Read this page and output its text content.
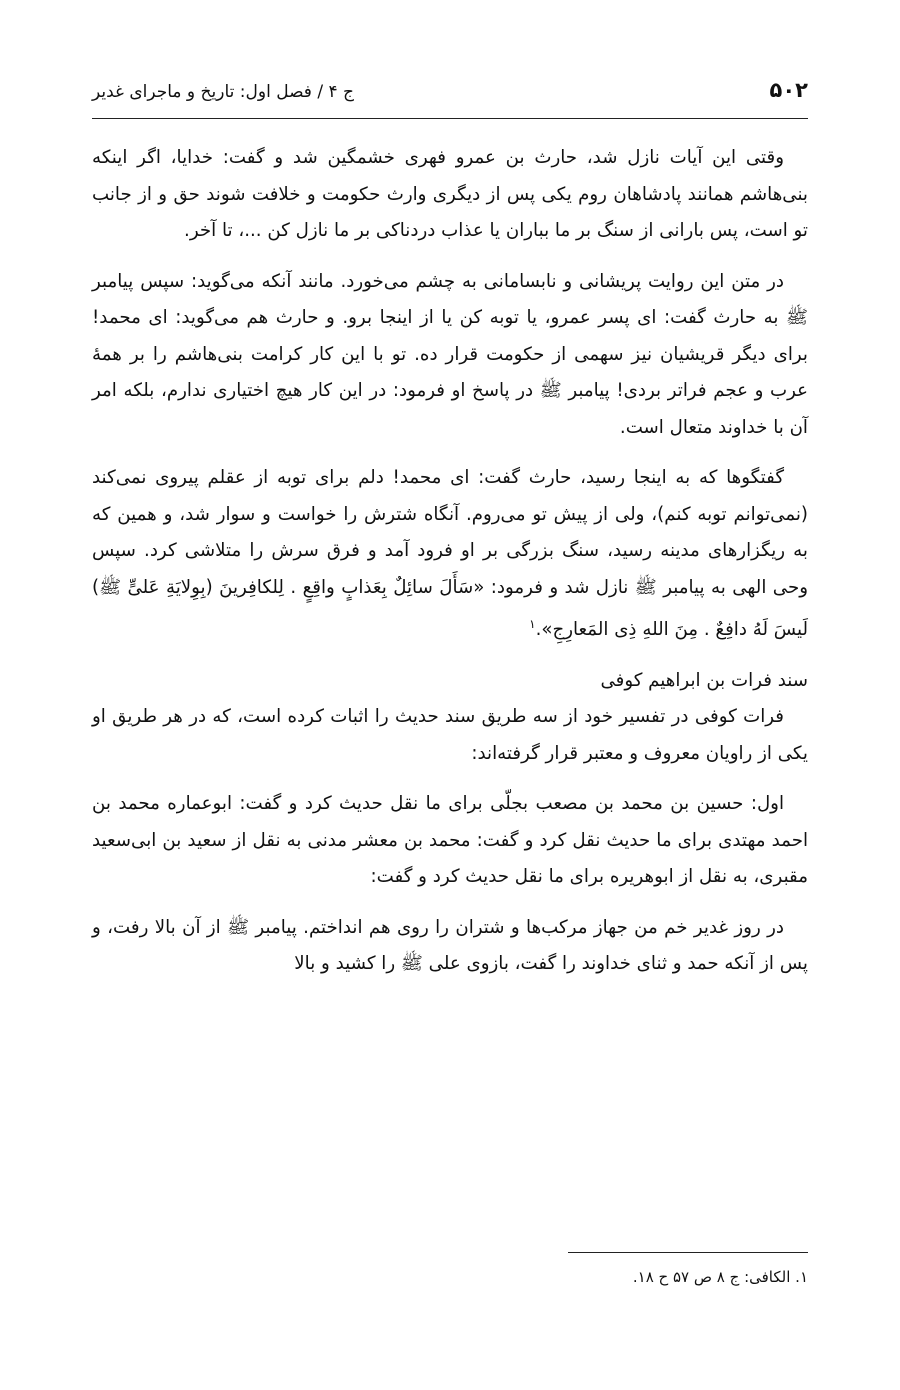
۵۰۲
ج ۴ / فصل اول: تاریخ و ماجرای غدیر

وقتی این آیات نازل شد، حارث بن عمرو فهری خشمگین شد و گفت: خدایا، اگر اینکه بنی‌هاشم همانند پادشاهان روم یکی پس از دیگری وارث حکومت و خلافت شوند حق و از جانب تو است، پس بارانی از سنگ بر ما بباران یا عذاب دردناکی بر ما نازل کن ...، تا آخر.

در متن این روایت پریشانی و نابسامانی به چشم می‌خورد. مانند آنکه می‌گوید: سپس پیامبر ﷺ به حارث گفت: ای پسر عمرو، یا توبه کن یا از اینجا برو. و حارث هم می‌گوید: ای محمد! برای دیگر قریشیان نیز سهمی از حکومت قرار ده. تو با این کار کرامت بنی‌هاشم را بر همهٔ عرب و عجم فراتر بردی! پیامبر ﷺ در پاسخ او فرمود: در این کار هیچ اختیاری ندارم، بلکه امر آن با خداوند متعال است.

گفتگوها که به اینجا رسید، حارث گفت: ای محمد! دلم برای توبه از عقلم پیروی نمی‌کند (نمی‌توانم توبه کنم)، ولی از پیش تو می‌روم. آنگاه شترش را خواست و سوار شد، و همین که به ریگزارهای مدینه رسید، سنگ بزرگی بر او فرود آمد و فرق سرش را متلاشی کرد. سپس وحی الهی به پیامبر ﷺ نازل شد و فرمود: «سَأَلَ سائِلٌ بِعَذابٍ واقِعٍ . لِلکافِرینَ (بِوِلایَةِ عَلیٍّ ﷺ) لَیسَ لَهُ دافِعٌ . مِنَ اللهِ ذِی المَعارِجِ».$^۱$

سند فرات بن ابراهیم کوفی

فرات کوفی در تفسیر خود از سه طریق سند حدیث را اثبات کرده است، که در هر طریق او یکی از راویان معروف و معتبر قرار گرفته‌اند:

اول: حسین بن محمد بن مصعب بجلّی برای ما نقل حدیث کرد و گفت: ابوعماره محمد بن احمد مهتدی برای ما حدیث نقل کرد و گفت: محمد بن معشر مدنی به نقل از سعید بن ابی‌سعید مقبری، به نقل از ابوهریره برای ما نقل حدیث کرد و گفت:

در روز غدیر خم من جهاز مرکب‌ها و شتران را روی هم انداختم. پیامبر ﷺ از آن بالا رفت، و پس از آنکه حمد و ثنای خداوند را گفت، بازوی علی ﷺ را کشید و بالا

۱. الکافی: ج ۸ ص ۵۷ ح ۱۸.
